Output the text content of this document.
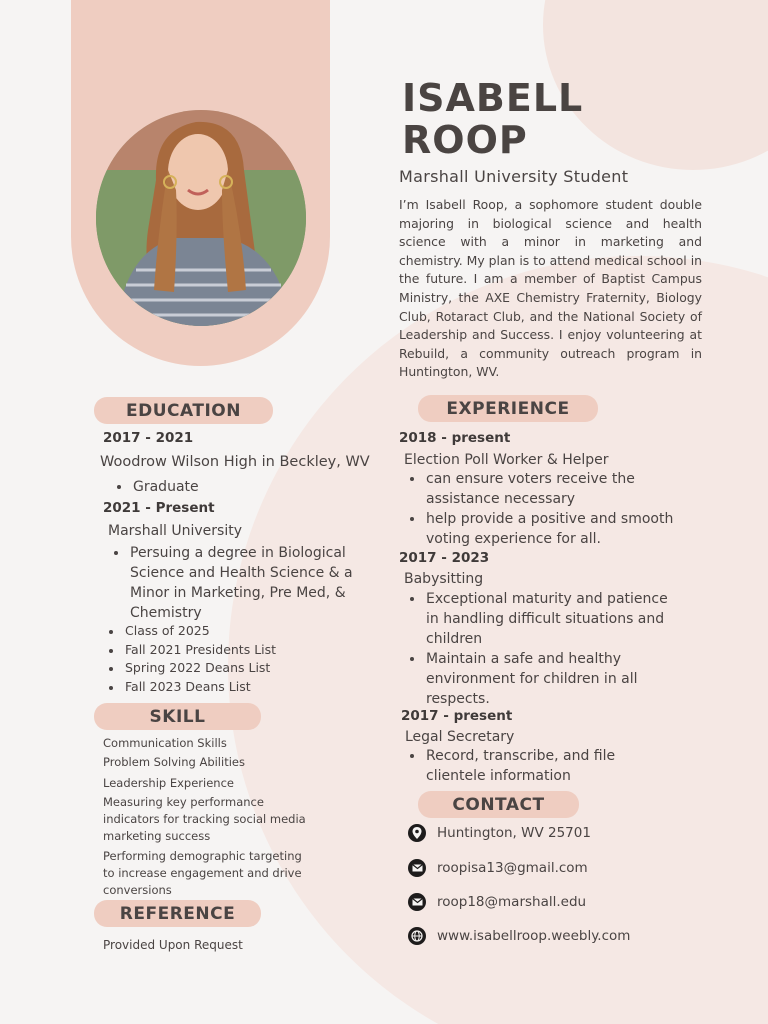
ISABELL
ROOP
Marshall University Student
I’m Isabell Roop, a sophomore student double majoring in biological science and health science with a minor in marketing and chemistry. My plan is to attend medical school in the future. I am a member of Baptist Campus Ministry, the AXE Chemistry Fraternity, Biology Club, Rotaract Club, and the National Society of Leadership and Success. I enjoy volunteering at Rebuild, a community outreach program in Huntington, WV.
EDUCATION
2017 - 2021
Woodrow Wilson High in Beckley, WV
Graduate
2021 - Present
Marshall University
Persuing a degree in Biological
Science and Health Science & a
Minor in Marketing, Pre Med, &
Chemistry
Class of 2025
Fall 2021 Presidents List
Spring 2022 Deans List
Fall 2023 Deans List
SKILL
Communication Skills
Problem Solving Abilities
Leadership Experience
Measuring key performance
indicators for tracking social media
marketing success
Performing demographic targeting
to increase engagement and drive
conversions
REFERENCE
Provided Upon Request
EXPERIENCE
2018 - present
Election Poll Worker & Helper
can ensure voters receive the
assistance necessary
help provide a positive and smooth
voting experience for all.
2017 - 2023
Babysitting
Exceptional maturity and patience
in handling difficult situations and
children
Maintain a safe and healthy
environment for children in all
respects.
2017 - present
Legal Secretary
Record, transcribe, and file
clientele information
CONTACT
Huntington, WV 25701
roopisa13@gmail.com
roop18@marshall.edu
www.isabellroop.weebly.com
